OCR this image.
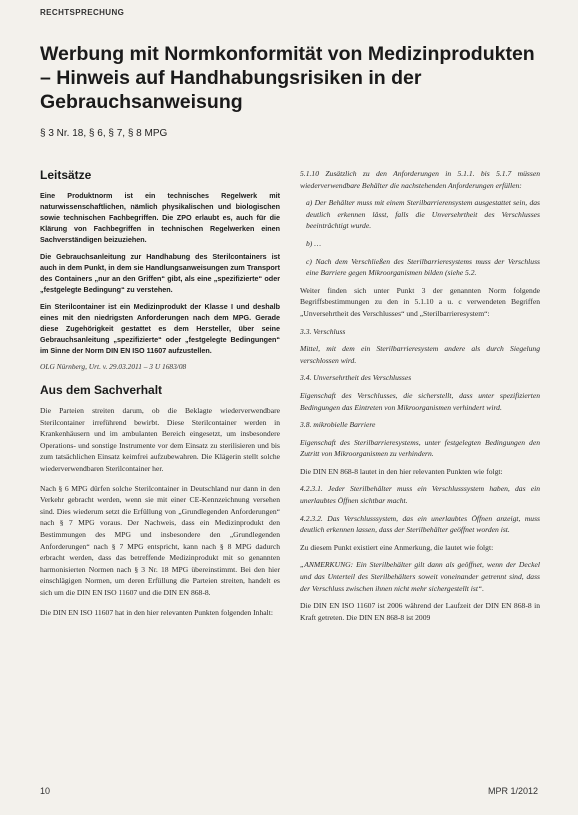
RECHTSPRECHUNG
Werbung mit Normkonformität von Medizinprodukten – Hinweis auf Handhabungsrisiken in der Gebrauchsanweisung
§ 3 Nr. 18, § 6, § 7, § 8 MPG
Leitsätze

Eine Produktnorm ist ein technisches Regelwerk mit naturwissenschaftlichen, nämlich physikalischen und biologischen sowie technischen Fachbegriffen. Die ZPO erlaubt es, auch für die Klärung von Fachbegriffen in technischen Regelwerken einen Sachverständigen beizuziehen.

Die Gebrauchsanleitung zur Handhabung des Sterilcontainers ist auch in dem Punkt, in dem sie Handlungsanweisungen zum Transport des Containers „nur an den Griffen“ gibt, als eine „spezifizierte“ oder „festgelegte Bedingung“ zu verstehen.

Ein Sterilcontainer ist ein Medizinprodukt der Klasse I und deshalb eines mit den niedrigsten Anforderungen nach dem MPG. Gerade diese Zugehörigkeit gestattet es dem Hersteller, über seine Gebrauchsanleitung „spezifizierte“ oder „festgelegte Bedingungen“ im Sinne der Norm DIN EN ISO 11607 aufzustellen.

OLG Nürnberg, Urt. v. 29.03.2011 – 3 U 1683/08
Aus dem Sachverhalt

Die Parteien streiten darum, ob die Beklagte wiederverwendbare Sterilcontainer irreführend bewirbt. Diese Sterilcontainer werden in Krankenhäusern und im ambulanten Bereich eingesetzt, um insbesondere Operations- und sonstige Instrumente vor dem Einsatz zu sterilisieren und bis zum tatsächlichen Einsatz keimfrei aufzubewahren. Die Klägerin stellt solche wiederverwendbaren Sterilcontainer her.

Nach § 6 MPG dürfen solche Sterilcontainer in Deutschland nur dann in den Verkehr gebracht werden, wenn sie mit einer CE-Kennzeichnung versehen sind. Dies wiederum setzt die Erfüllung von „Grundlegenden Anforderungen“ nach § 7 MPG voraus. Der Nachweis, dass ein Medizinprodukt den Bestimmungen des MPG und insbesondere den „Grundlegenden Anforderungen“ nach § 7 MPG entspricht, kann nach § 8 MPG dadurch erbracht werden, dass das betreffende Medizinprodukt mit so genannten harmonisierten Normen nach § 3 Nr. 18 MPG übereinstimmt. Bei den hier einschlägigen Normen, um deren Erfüllung die Parteien streiten, handelt es sich um die DIN EN ISO 11607 und die DIN EN 868-8.

Die DIN EN ISO 11607 hat in den hier relevanten Punkten folgenden Inhalt:

5.1.10 Zusätzlich zu den Anforderungen in 5.1.1. bis 5.1.7 müssen wiederverwendbare Behälter die nachstehenden Anforderungen erfüllen:

a) Der Behälter muss mit einem Sterilbarrierensystem ausgestattet sein, das deutlich erkennen lässt, falls die Unversehrtheit des Verschlusses beeinträchtigt wurde.

b) …

c) Nach dem Verschließen des Sterilbarrieresystems muss der Verschluss eine Barriere gegen Mikroorganismen bilden (siehe 5.2.

Weiter finden sich unter Punkt 3 der genannten Norm folgende Begriffsbestimmungen zu den in 5.1.10 a u. c verwendeten Begriffen „Unversehrtheit des Verschlusses“ und „Sterilbarrieresystem“:

3.3. Verschluss

Mittel, mit dem ein Sterilbarrieresystem andere als durch Siegelung verschlossen wird.

3.4. Unversehrtheit des Verschlusses

Eigenschaft des Verschlusses, die sicherstellt, dass unter spezifizierten Bedingungen das Eintreten von Mikroorganismen verhindert wird.

3.8. mikrobielle Barriere

Eigenschaft des Sterilbarrieresystems, unter festgelegten Bedingungen den Zutritt von Mikroorganismen zu verhindern.

Die DIN EN 868-8 lautet in den hier relevanten Punkten wie folgt:

4.2.3.1. Jeder Sterilbehälter muss ein Verschlusssystem haben, das ein unerlaubtes Öffnen sichtbar macht.

4.2.3.2. Das Verschlusssystem, das ein unerlaubtes Öffnen anzeigt, muss deutlich erkennen lassen, dass der Sterilbehälter geöffnet worden ist.

Zu diesem Punkt existiert eine Anmerkung, die lautet wie folgt:

„ANMERKUNG: Ein Sterilbehälter gilt dann als geöffnet, wenn der Deckel und das Unterteil des Sterilbehälters soweit voneinander getrennt sind, dass der Verschluss zwischen ihnen nicht mehr sichergestellt ist“.

Die DIN EN ISO 11607 ist 2006 während der Laufzeit der DIN EN 868-8 in Kraft getreten. Die DIN EN 868-8 ist 2009

10	MPR 1/2012
